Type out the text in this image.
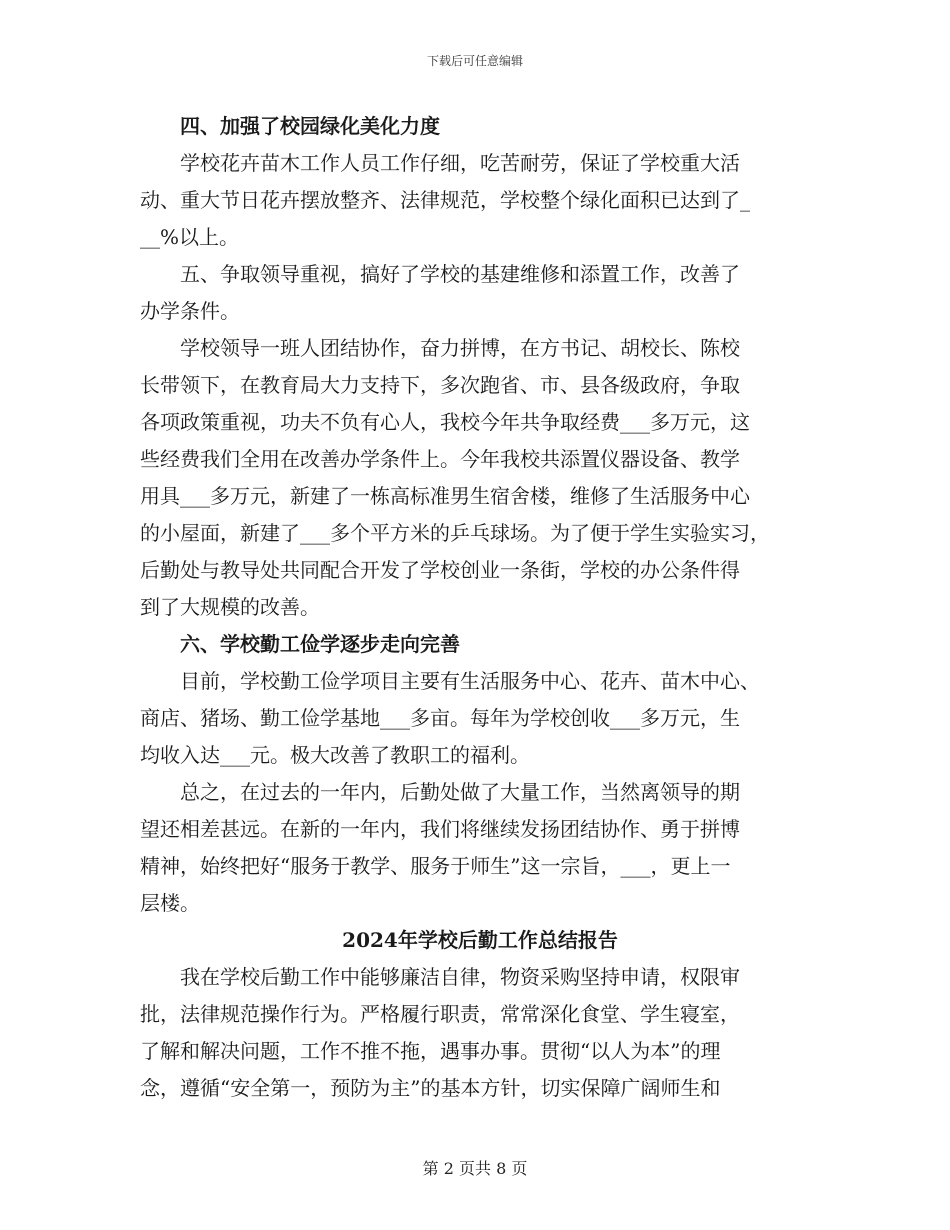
下载后可任意编辑
四、加强了校园绿化美化力度
学校花卉苗木工作人员工作仔细，吃苦耐劳，保证了学校重大活
动、重大节日花卉摆放整齐、法律规范，学校整个绿化面积已达到了_
__%以上。
五、争取领导重视，搞好了学校的基建维修和添置工作，改善了
办学条件。
学校领导一班人团结协作，奋力拼博，在方书记、胡校长、陈校
长带领下，在教育局大力支持下，多次跑省、市、县各级政府，争取
各项政策重视，功夫不负有心人，我校今年共争取经费___多万元，这
些经费我们全用在改善办学条件上。今年我校共添置仪器设备、教学
用具___多万元，新建了一栋高标准男生宿舍楼，维修了生活服务中心
的小屋面，新建了___多个平方米的乒乓球场。为了便于学生实验实习，
后勤处与教导处共同配合开发了学校创业一条街，学校的办公条件得
到了大规模的改善。
六、学校勤工俭学逐步走向完善
目前，学校勤工俭学项目主要有生活服务中心、花卉、苗木中心、
商店、猪场、勤工俭学基地___多亩。每年为学校创收___多万元，生
均收入达___元。极大改善了教职工的福利。
总之，在过去的一年内，后勤处做了大量工作，当然离领导的期
望还相差甚远。在新的一年内，我们将继续发扬团结协作、勇于拼博
精神，始终把好“服务于教学、服务于师生”这一宗旨，___，更上一
层楼。
2024年学校后勤工作总结报告
我在学校后勤工作中能够廉洁自律，物资采购坚持申请，权限审
批，法律规范操作行为。严格履行职责，常常深化食堂、学生寝室，
了解和解决问题，工作不推不拖，遇事办事。贯彻“以人为本”的理
念，遵循“安全第一，预防为主”的基本方针，切实保障广阔师生和
第 2 页共 8 页
